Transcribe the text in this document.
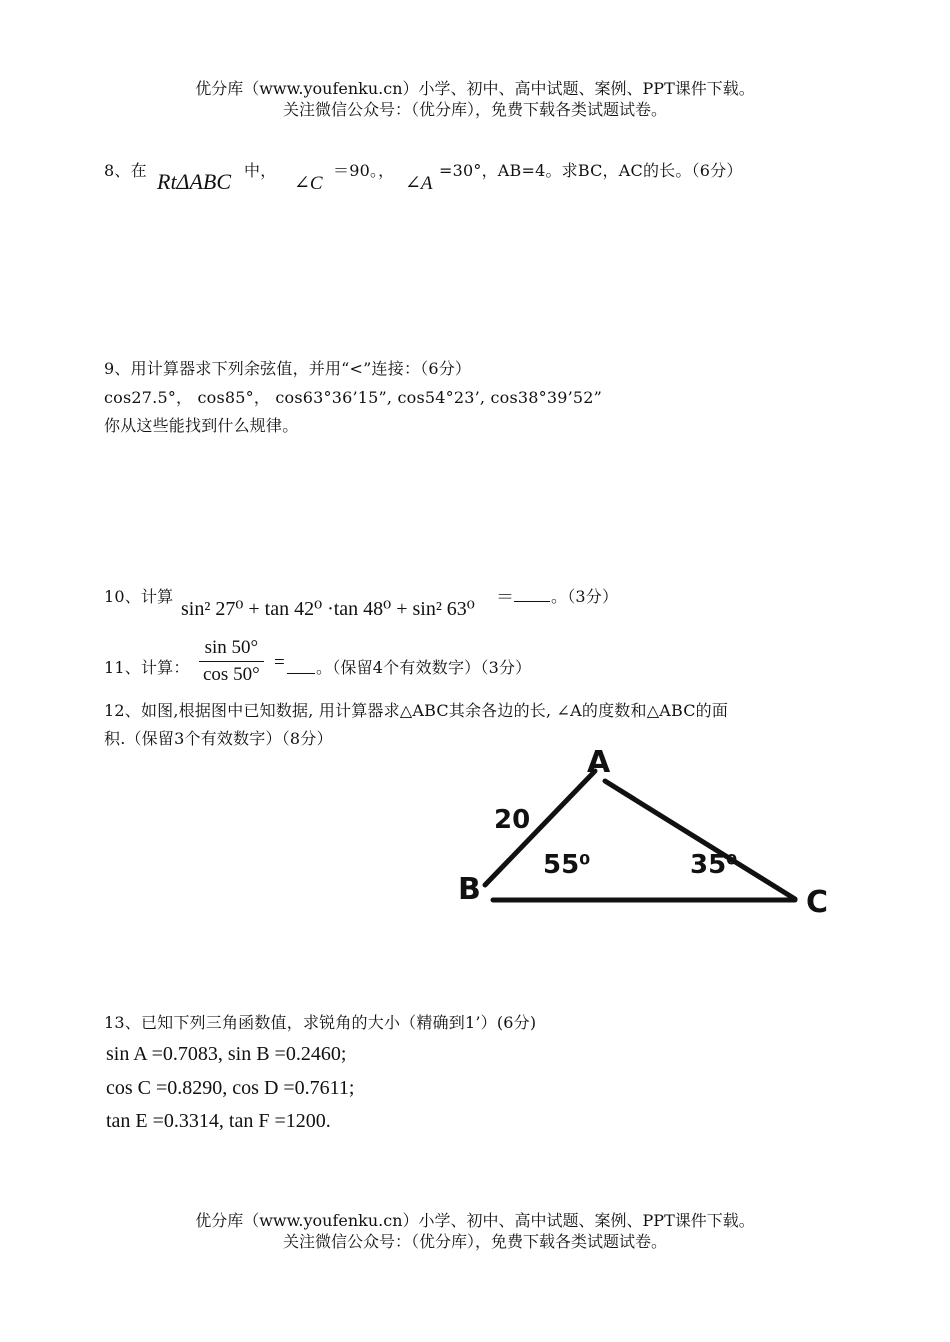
优分库（www.youfenku.cn）小学、初中、高中试题、案例、PPT课件下载。
关注微信公众号：（优分库），免费下载各类试题试卷。
8、在 RtΔABC 中，
∠C
＝90。，
∠A
=30°，AB=4。求BC，AC的长。（6分）
9、用计算器求下列余弦值，并用“<”连接：（6分）
cos27.5°， cos85°， cos63°36’15”, cos54°23’, cos38°39’52”
你从这些能找到什么规律。
10、计算
sin² 27⁰ + tan 42⁰ ·tan 48⁰ + sin² 63⁰
＝ 。（3分）
11、计算： $\frac{\sin 50^\circ}{\cos 50^\circ}$ = 。（保留4个有效数字）（3分）
12、如图,根据图中已知数据, 用计算器求△ABC其余各边的长, ∠A的度数和△ABC的面
积.（保留3个有效数字）（8分）
A
B	C
20
55⁰	35⁰
13、已知下列三角函数值，求锐角的大小（精确到1’）(6分)
sin A =0.7083, sin B =0.2460;
cos C =0.8290, cos D =0.7611;
tan E =0.3314, tan F =1200.
优分库（www.youfenku.cn）小学、初中、高中试题、案例、PPT课件下载。
关注微信公众号：（优分库），免费下载各类试题试卷。
